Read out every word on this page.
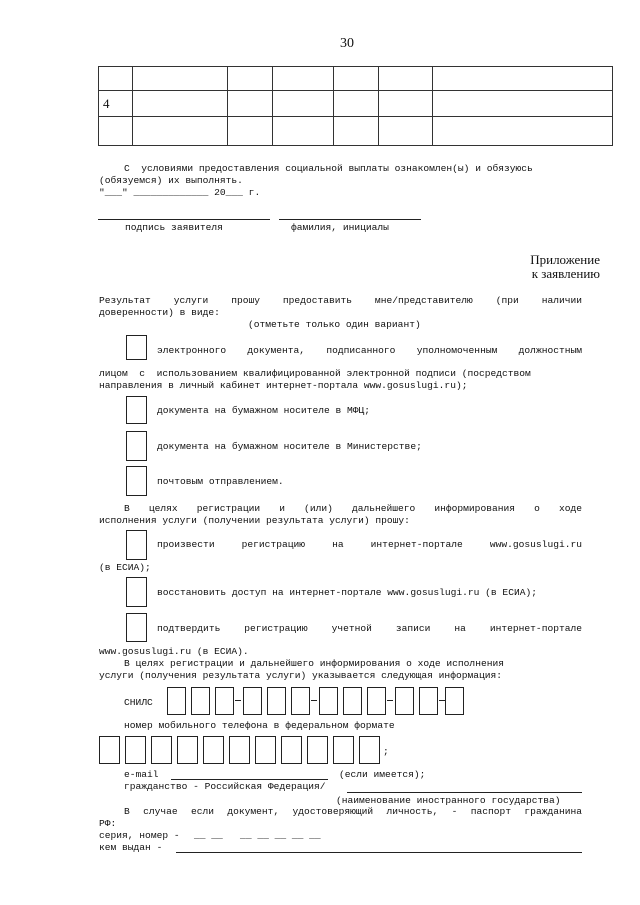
30

4						

С  условиями предоставления социальной выплаты ознакомлен(ы) и обязуюсь
(обязуемся) их выполнять.
"___" _____________ 20___ г.
подпись заявителя	фамилия, инициалы
Приложение
к заявлению
Результат услуги прошу предоставить мне/представителю (при наличии
доверенности) в виде:
(отметьте только один вариант)
электронного документа, подписанного уполномоченным должностным
лицом  с  использованием квалифицированной электронной подписи (посредством
направления в личный кабинет интернет-портала www.gosuslugi.ru);
документа на бумажном носителе в МФЦ;
документа на бумажном носителе в Министерстве;
почтовым отправлением.
В целях регистрации и (или) дальнейшего информирования о ходе
исполнения услуги (получении результата услуги) прошу:
произвести регистрацию на интернет-портале www.gosuslugi.ru
(в ЕСИА);
восстановить доступ на интернет-портале www.gosuslugi.ru (в ЕСИА);
подтвердить регистрацию учетной записи на интернет-портале
www.gosuslugi.ru (в ЕСИА).
В целях регистрации и дальнейшего информирования о ходе исполнения
услуги (получения результата услуги) указывается следующая информация:
СНИЛС
номер мобильного телефона в федеральном формате
;
e-mail	(если имеется);
гражданство - Российская Федерация/
(наименование иностранного государства)
В случае если документ, удостоверяющий личность, - паспорт гражданина
РФ:
серия, номер - __ __   __ __ __ __ __
кем выдан -
